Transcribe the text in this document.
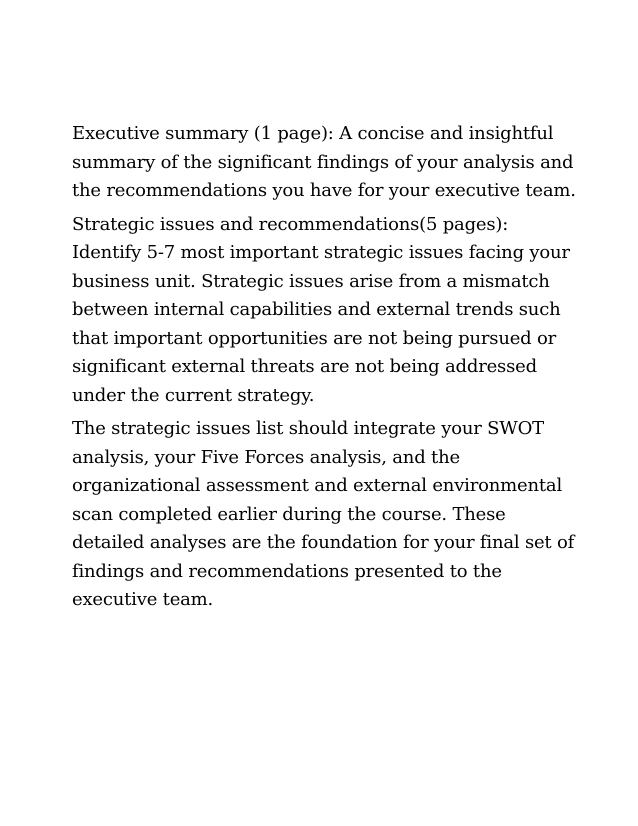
Executive summary (1 page): A concise and insightful summary of the significant findings of your analysis and the recommendations you have for your executive team.

Strategic issues and recommendations(5 pages): Identify 5-7 most important strategic issues facing your business unit. Strategic issues arise from a mismatch between internal capabilities and external trends such that important opportunities are not being pursued or significant external threats are not being addressed under the current strategy.

The strategic issues list should integrate your SWOT analysis, your Five Forces analysis, and the organizational assessment and external environmental scan completed earlier during the course. These detailed analyses are the foundation for your final set of findings and recommendations presented to the executive team.
